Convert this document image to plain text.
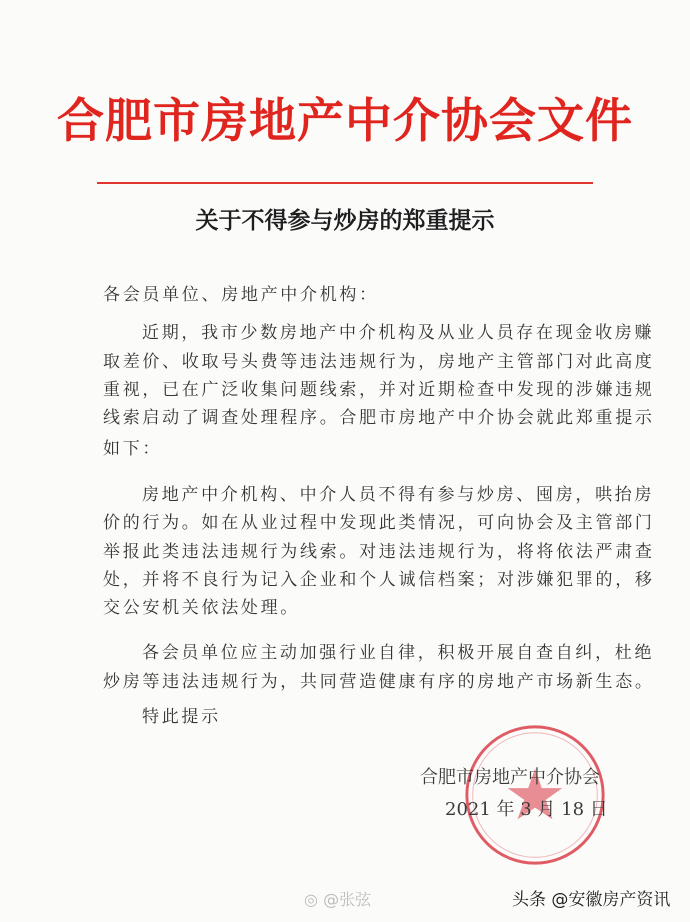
合肥市房地产中介协会文件
关于不得参与炒房的郑重提示
各会员单位、房地产中介机构：
近期，我市少数房地产中介机构及从业人员存在现金收房赚
取差价、收取号头费等违法违规行为，房地产主管部门对此高度
重视，已在广泛收集问题线索，并对近期检查中发现的涉嫌违规
线索启动了调查处理程序。合肥市房地产中介协会就此郑重提示
如下：
房地产中介机构、中介人员不得有参与炒房、囤房，哄抬房
价的行为。如在从业过程中发现此类情况，可向协会及主管部门
举报此类违法违规行为线索。对违法违规行为，将将依法严肃查
处，并将不良行为记入企业和个人诚信档案；对涉嫌犯罪的，移
交公安机关依法处理。
各会员单位应主动加强行业自律，积极开展自查自纠，杜绝
炒房等违法违规行为，共同营造健康有序的房地产市场新生态。
特此提示
合肥市房地产中介协会
2021 年 3 月 18 日
◎ @张弦	头条 @安徽房产资讯
